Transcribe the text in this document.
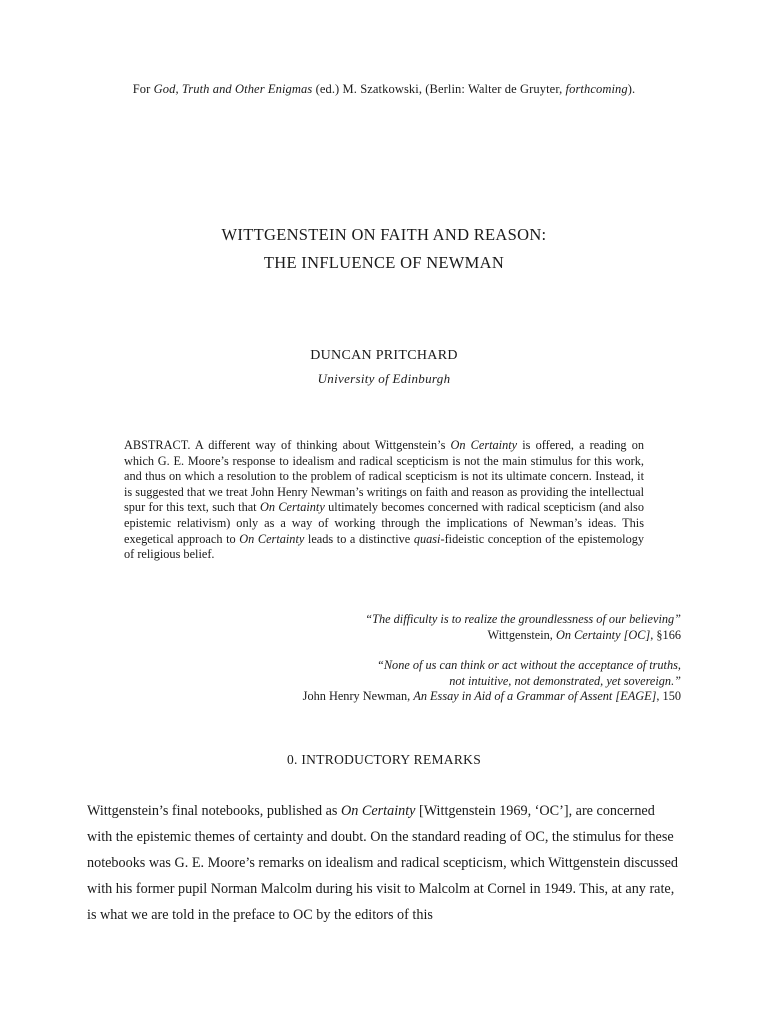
For God, Truth and Other Enigmas (ed.) M. Szatkowski, (Berlin: Walter de Gruyter, forthcoming).
WITTGENSTEIN ON FAITH AND REASON:
THE INFLUENCE OF NEWMAN
DUNCAN PRITCHARD
University of Edinburgh
ABSTRACT. A different way of thinking about Wittgenstein’s On Certainty is offered, a reading on which G. E. Moore’s response to idealism and radical scepticism is not the main stimulus for this work, and thus on which a resolution to the problem of radical scepticism is not its ultimate concern. Instead, it is suggested that we treat John Henry Newman’s writings on faith and reason as providing the intellectual spur for this text, such that On Certainty ultimately becomes concerned with radical scepticism (and also epistemic relativism) only as a way of working through the implications of Newman’s ideas. This exegetical approach to On Certainty leads to a distinctive quasi-fideistic conception of the epistemology of religious belief.
“The difficulty is to realize the groundlessness of our believing”
Wittgenstein, On Certainty [OC], §166
“None of us can think or act without the acceptance of truths,
not intuitive, not demonstrated, yet sovereign.”
John Henry Newman, An Essay in Aid of a Grammar of Assent [EAGE], 150
0. INTRODUCTORY REMARKS

Wittgenstein’s final notebooks, published as On Certainty [Wittgenstein 1969, ‘OC’], are concerned with the epistemic themes of certainty and doubt. On the standard reading of OC, the stimulus for these notebooks was G. E. Moore’s remarks on idealism and radical scepticism, which Wittgenstein discussed with his former pupil Norman Malcolm during his visit to Malcolm at Cornel in 1949. This, at any rate, is what we are told in the preface to OC by the editors of this
